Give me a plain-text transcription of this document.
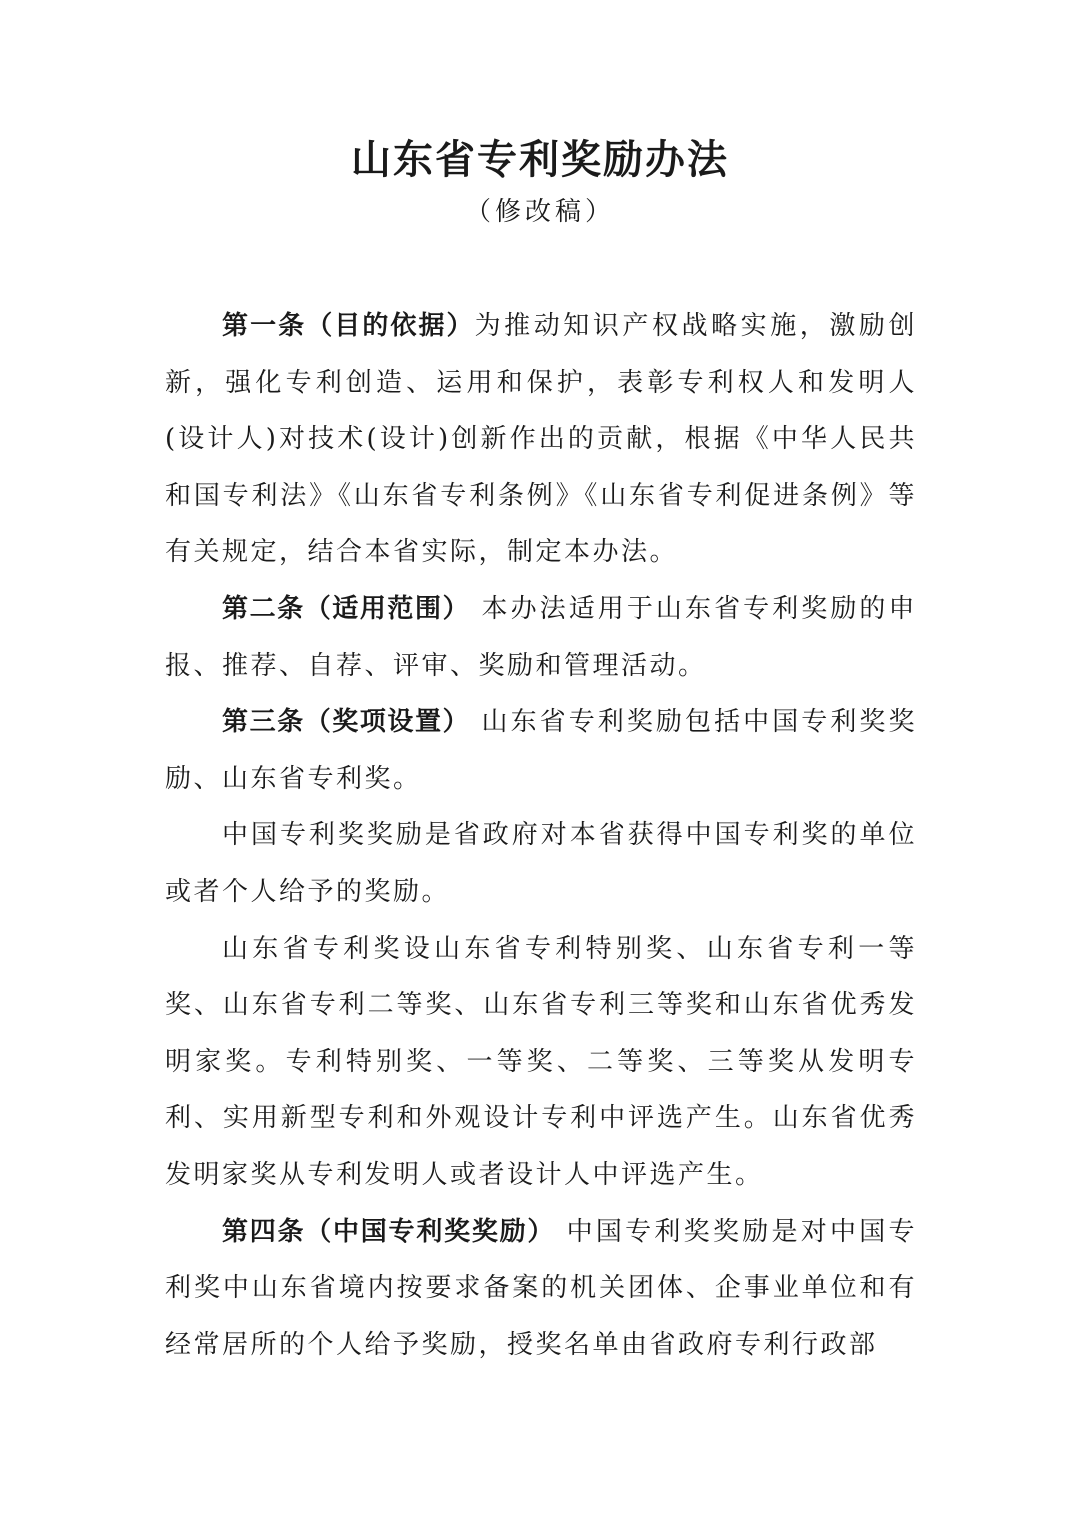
山东省专利奖励办法
（修改稿）

第一条（目的依据）为推动知识产权战略实施，激励创新，强化专利创造、运用和保护，表彰专利权人和发明人(设计人)对技术(设计)创新作出的贡献，根据《中华人民共和国专利法》《山东省专利条例》《山东省专利促进条例》等有关规定，结合本省实际，制定本办法。

第二条（适用范围） 本办法适用于山东省专利奖励的申报、推荐、自荐、评审、奖励和管理活动。

第三条（奖项设置） 山东省专利奖励包括中国专利奖奖励、山东省专利奖。

中国专利奖奖励是省政府对本省获得中国专利奖的单位或者个人给予的奖励。

山东省专利奖设山东省专利特别奖、山东省专利一等奖、山东省专利二等奖、山东省专利三等奖和山东省优秀发明家奖。专利特别奖、一等奖、二等奖、三等奖从发明专利、实用新型专利和外观设计专利中评选产生。山东省优秀发明家奖从专利发明人或者设计人中评选产生。

第四条（中国专利奖奖励） 中国专利奖奖励是对中国专利奖中山东省境内按要求备案的机关团体、企事业单位和有经常居所的个人给予奖励，授奖名单由省政府专利行政部
